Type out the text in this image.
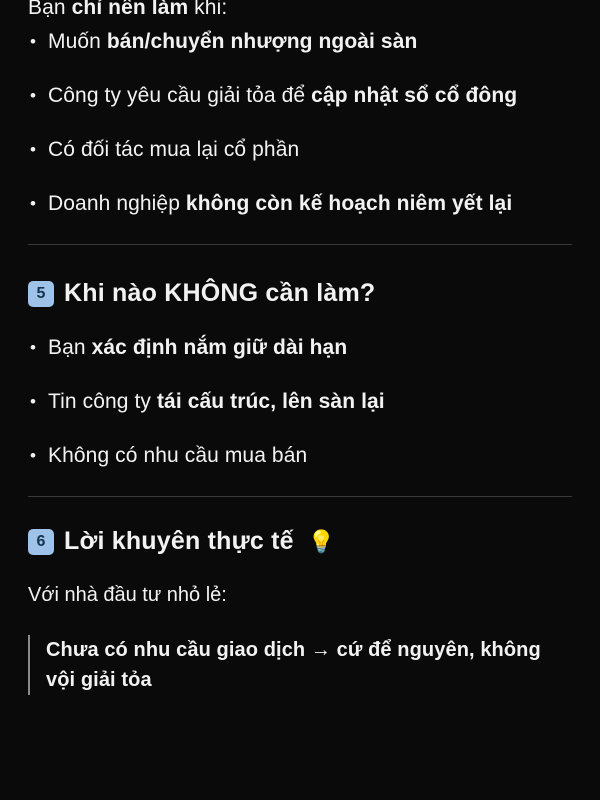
Bạn chỉ nên làm khi:

• Muốn bán/chuyển nhượng ngoài sàn
• Công ty yêu cầu giải tỏa để cập nhật sổ cổ đông
• Có đối tác mua lại cổ phần
• Doanh nghiệp không còn kế hoạch niêm yết lại
5 Khi nào KHÔNG cần làm?
• Bạn xác định nắm giữ dài hạn
• Tin công ty tái cấu trúc, lên sàn lại
• Không có nhu cầu mua bán
6 Lời khuyên thực tế 💡

Với nhà đầu tư nhỏ lẻ:

Chưa có nhu cầu giao dịch → cứ để nguyên, không vội giải tỏa
